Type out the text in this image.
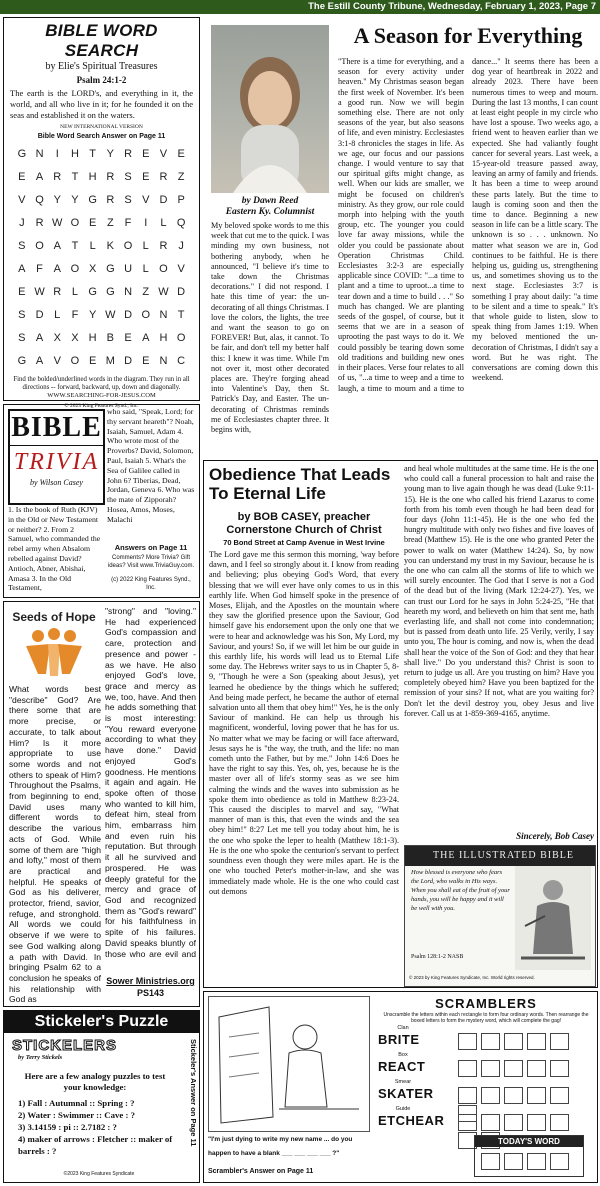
The Estill County Tribune, Wednesday, February 1, 2023, Page 7
BIBLE WORD SEARCH
by Elie's Spiritual Treasures
Psalm 24:1-2

The earth is the LORD's, and everything in it, the world, and all who live in it; for he founded it on the seas and established it on the waters.

NEW INTERNATIONAL VERSION
Bible Word Search Answer on Page 11
G N	I	H T Y R E V E
E A R T H R S E R Z
V Q Y Y G R S V D P
J R W O E Z F	I	L Q
S O A T	L K O L R J
A F A O X G U L O V
E W R L G G N Z W D
S D L	F Y W D O N T
S A X X H B E A H O
G A V O E M D E N C

Find the bolded/underlined words in the diagram. They run in all directions -- forward, backward, up, down and diagonally.

WWW.SEARCHING-FOR-JESUS.COM
© 2023 King Features Synd., Inc.
A Season for Everything
by Dawn Reed
Eastern Ky. Columnist

My beloved spoke words to me this week that cut me to the quick. I was minding my own business, not bothering anybody, when he announced, "I believe it's time to take down the Christmas decorations." I did not respond. I hate this time of year: the un-decorating of all things Christmas. I love the colors, the lights, the tree and want the season to go on FOREVER! But, alas, it cannot. To be fair, and don't tell my better half this: I knew it was time. While I'm not over it, most other decorated places are. They're forging ahead into Valentine's Day, then St. Patrick's Day, and Easter. The un-decorating of Christmas reminds me of Ecclesiastes chapter three. It begins with,

"There is a time for everything, and a season for every activity under heaven." My Christmas season began the first week of November. It's been a good run. Now we will begin something else. There are not only seasons of the year, but also seasons of life, and even ministry. Ecclesiastes 3:1-8 chronicles the stages in life. As we age, our focus and our passions change. I would venture to say that our spiritual gifts might change, as well. When our kids are smaller, we might be focused on children's ministry. As they grow, our role could morph into helping with the youth group, etc. The younger you could love far away missions, while the older you could be passionate about Operation Christmas Child. Ecclesiastes 3:2-3 are especially applicable since COVID: "...a time to plant and a time to uproot...a time to tear down and a time to build . . ." So much has changed. We are planting seeds of the gospel, of course, but it seems that we are in a season of uprooting the past ways to do it. We could possibly be tearing down some old traditions and building new ones in their places. Verse four relates to all of us, "...a time to weep and a time to laugh, a time to mourn and a time to dance..." It seems there has been a dog year of heartbreak in 2022 and already 2023. There have been numerous times to weep and mourn. During the last 13 months, I can count at least eight people in my circle who have lost a spouse. Two weeks ago, a friend went to heaven earlier than we expected. She had valiantly fought cancer for several years. Last week, a 15-year-old treasure passed away, leaving an army of family and friends. It has been a time to weep around these parts lately. But the time to laugh is coming soon and then the time to dance. Beginning a new season in life can be a little scary. The unknown is so . . . unknown. No matter what season we are in, God continues to be faithful. He is there helping us, guiding us, strengthening us, and sometimes shoving us to the next stage. Ecclesiastes 3:7 is something I pray about daily: "a time to be silent and a time to speak." It's that whole guide to listen, slow to speak thing from James 1:19. When my beloved mentioned the un-decoration of Christmas, I didn't say a word. But he was right. The conversations are coming down this weekend.
BIBLE
TRIVIA
by Wilson Casey

1. Is the book of Ruth (KJV) in the Old or New Testament or neither? 2. From 2 Samuel, who commanded the rebel army when Absalom rebelled against David? Antioch, Abner, Abishai, Amasa 3. In the Old Testament,

who said, "Speak, Lord; for thy servant heareth"? Noah, Isaiah, Samuel, Adam 4. Who wrote most of the Proverbs? David, Solomon, Paul, Isaiah 5. What's the Sea of Galilee called in John 6? Tiberias, Dead, Jordan, Geneva 6. Who was the mate of Zipporah? Hosea, Amos, Moses, Malachi

Answers on Page 11
Comments? More Trivia? Gift ideas? Visit www.TriviaGuy.com.
(c) 2022 King Features Synd., Inc.
Seeds of Hope

What words best "describe" God? Are there some that are more precise, or accurate, to talk about Him? Is it more appropriate to use some words and not others to speak of Him? Throughout the Psalms, from beginning to end, David uses many different words to describe the various acts of God. While some of them are "high and lofty," most of them are practical and helpful. He speaks of God as his deliverer, protector, friend, savior, refuge, and stronghold. All words we could observe if we were to see God walking along a path with David. In bringing Psalm 62 to a conclusion he speaks of his relationship with God as

"strong" and "loving." He had experienced God's compassion and care, protection and presence and power - as we have. He also enjoyed God's love, grace and mercy as we, too, have. And then he adds something that is most interesting: "You reward everyone according to what they have done." David enjoyed God's goodness. He mentions it again and again. He spoke often of those who wanted to kill him, defeat him, steal from him, embarrass him and even ruin his reputation. But through it all he survived and prospered. He was deeply grateful for the mercy and grace of God and recognized them as "God's reward" for his faithfulness in spite of his failures. David speaks bluntly of those who are evil and

Sower Ministries.org
PS143
Stickeler's Puzzle
STICKELERS
by Terry Stickels
Here are a few analogy puzzles to test your knowledge:
1) Fall : Autumnal :: Spring : ?
2) Water : Swimmer :: Cave : ?
3) 3.14159 : pi :: 2.7182 : ?
4) maker of arrows : Fletcher :: maker of barrels : ?
©2023 King Features Syndicate
Stickeler's Answer on Page 11
Obedience That Leads To Eternal Life
by BOB CASEY, preacher
Cornerstone Church of Christ
70 Bond Street at Camp Avenue in West Irvine

The Lord gave me this sermon this morning, 'way before dawn, and I feel so strongly about it. I know from reading and believing; plus obeying God's Word, that every blessing that we will ever have only comes to us in this earthly life. When God himself spoke in the presence of Moses, Elijah, and the Apostles on the mountain where they saw the glorified presence upon the Saviour, God himself gave his endorsement upon the only one that we were to hear and acknowledge was his Son, My Lord, my Saviour, and yours! So, if we will let him be our guide in this earthly life, his words will lead us to Eternal Life some day. The Hebrews writer says to us in Chapter 5, 8-9, "Though he were a Son (speaking about Jesus), yet learned he obedience by the things which he suffered; And being made perfect, he became the author of eternal salvation unto all them that obey him!" Yes, he is the only Saviour of mankind. He can help us through his magnificent, wonderful, loving power that he has for us. No matter what we may be facing or will face afterward, Jesus says he is "the way, the truth, and the life: no man cometh unto the Father, but by me." John 14:6 Does he have the right to say this. Yes, oh, yes, because he is the master over all of life's stormy seas as we see him calming the winds and the waves into submission as he spoke them into obedience as told in Matthew 8:23-24. This caused the disciples to marvel and say, "What manner of man is this, that even the winds and the sea obey him!" 8:27 Let me tell you today about him, he is the one who spoke the leper to health (Matthew 18:1-3). He is the one who spoke the centurion's servant to perfect soundness even though they were miles apart. He is the one who touched Peter's mother-in-law, and she was immediately made whole. He is the one who could cast out demons

and heal whole multitudes at the same time. He is the one who could call a funeral procession to halt and raise the young man to live again though he was dead (Luke 9:11-15). He is the one who called his friend Lazarus to come forth from his tomb even though he had been dead for four days (John 11:1-45). He is the one who fed the hungry multitude with only two fishes and five loaves of bread (Matthew 15). He is the one who granted Peter the power to walk on water (Matthew 14:24). So, by now you can understand my trust in my Saviour, because he is the one who can calm all the storms of life to which we will surely encounter. The God that I serve is not a God of the dead but of the living (Mark 12:24-27). Yes, we can trust our Lord for he says in John 5:24-25, "He that heareth my word, and believeth on him that sent me, hath everlasting life, and shall not come into condemnation; but is passed from death unto life. 25 Verily, verily, I say unto you, The hour is coming, and now is, when the dead shall hear the voice of the Son of God: and they that hear shall live." Do you understand this? Christ is soon to return to judge us all. Are you trusting on him? Have you completely obeyed him? Have you been baptized for the remission of your sins? If not, what are you waiting for? Don't let the devil destroy you, obey Jesus and live forever. Call us at 1-859-369-4165, anytime.

Sincerely, Bob Casey
THE ILLUSTRATED BIBLE

How blessed is everyone who fears the Lord, who walks in His ways. When you shall eat of the fruit of your hands, you will be happy and it will be well with you.

Psalm 128:1-2 NASB
© 2023 by King Features Syndicate, Inc. World rights reserved.
"I'm just dying to write my new name ... do you
happen to have a blank ___ ___ ___ ___ ?"
Scrambler's Answer on Page 11
SCRAMBLERS
Unscramble the letters within each rectangle to form four ordinary words. Then rearrange the boxed letters to form the mystery word, which will complete the gag!
Clan
BRITE
Box
REACT
Smear
SKATER
Guide
ETCHEAR
TODAY'S WORD
